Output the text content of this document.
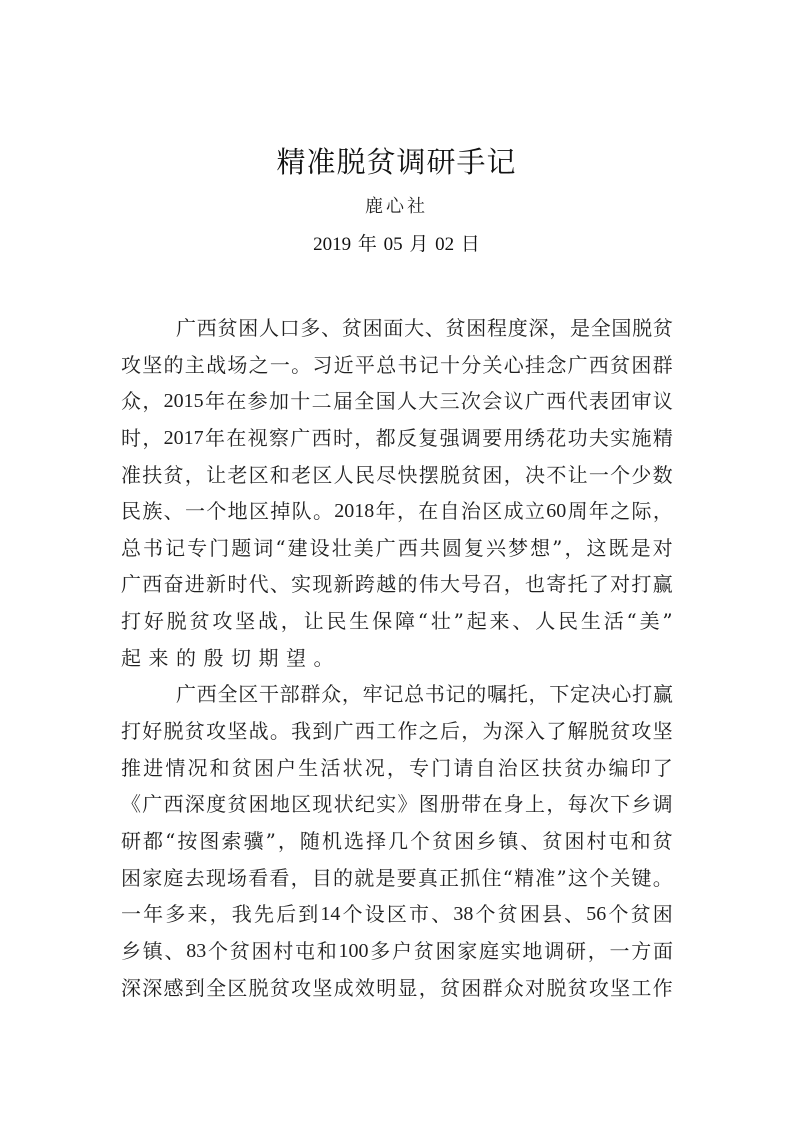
精准脱贫调研手记
鹿心社
2019 年 05 月 02 日
广 西 贫 困 人 口 多 、 贫 困 面 大 、 贫 困 程 度 深 ， 是 全 国 脱 贫
攻 坚 的 主 战 场 之 一 。 习 近 平 总 书 记 十 分 关 心 挂 念 广 西 贫 困 群
众 ， 2015 年 在 参 加 十 二 届 全 国 人 大 三 次 会 议 广 西 代 表 团 审 议
时 ， 2017 年 在 视 察 广 西 时 ， 都 反 复 强 调 要 用 绣 花 功 夫 实 施 精
准 扶 贫 ， 让 老 区 和 老 区 人 民 尽 快 摆 脱 贫 困 ， 决 不 让 一 个 少 数
民 族 、 一 个 地 区 掉 队 。 2018 年 ， 在 自 治 区 成 立 60 周 年 之 际 ，
总 书 记 专 门 题 词 “ 建 设 壮 美 广 西 共 圆 复 兴 梦 想 ” ， 这 既 是 对
广 西 奋 进 新 时 代 、 实 现 新 跨 越 的 伟 大 号 召 ， 也 寄 托 了 对 打 赢
打 好 脱 贫 攻 坚 战 ， 让 民 生 保 障 “ 壮 ” 起 来 、 人 民 生 活 “ 美 ”
起来的殷切期望。
广 西 全 区 干 部 群 众 ， 牢 记 总 书 记 的 嘱 托 ， 下 定 决 心 打 赢
打 好 脱 贫 攻 坚 战 。 我 到 广 西 工 作 之 后 ， 为 深 入 了 解 脱 贫 攻 坚
推 进 情 况 和 贫 困 户 生 活 状 况 ， 专 门 请 自 治 区 扶 贫 办 编 印 了
《 广 西 深 度 贫 困 地 区 现 状 纪 实 》 图 册 带 在 身 上 ， 每 次 下 乡 调
研 都 “ 按 图 索 骥 ” ， 随 机 选 择 几 个 贫 困 乡 镇 、 贫 困 村 屯 和 贫
困 家 庭 去 现 场 看 看 ， 目 的 就 是 要 真 正 抓 住 “ 精 准 ” 这 个 关 键 。
一 年 多 来 ， 我 先 后 到 14 个 设 区 市 、 38 个 贫 困 县 、 56 个 贫 困
乡 镇 、 83 个 贫 困 村 屯 和 100 多 户 贫 困 家 庭 实 地 调 研 ， 一 方 面
深 深 感 到 全 区 脱 贫 攻 坚 成 效 明 显 ， 贫 困 群 众 对 脱 贫 攻 坚 工 作
